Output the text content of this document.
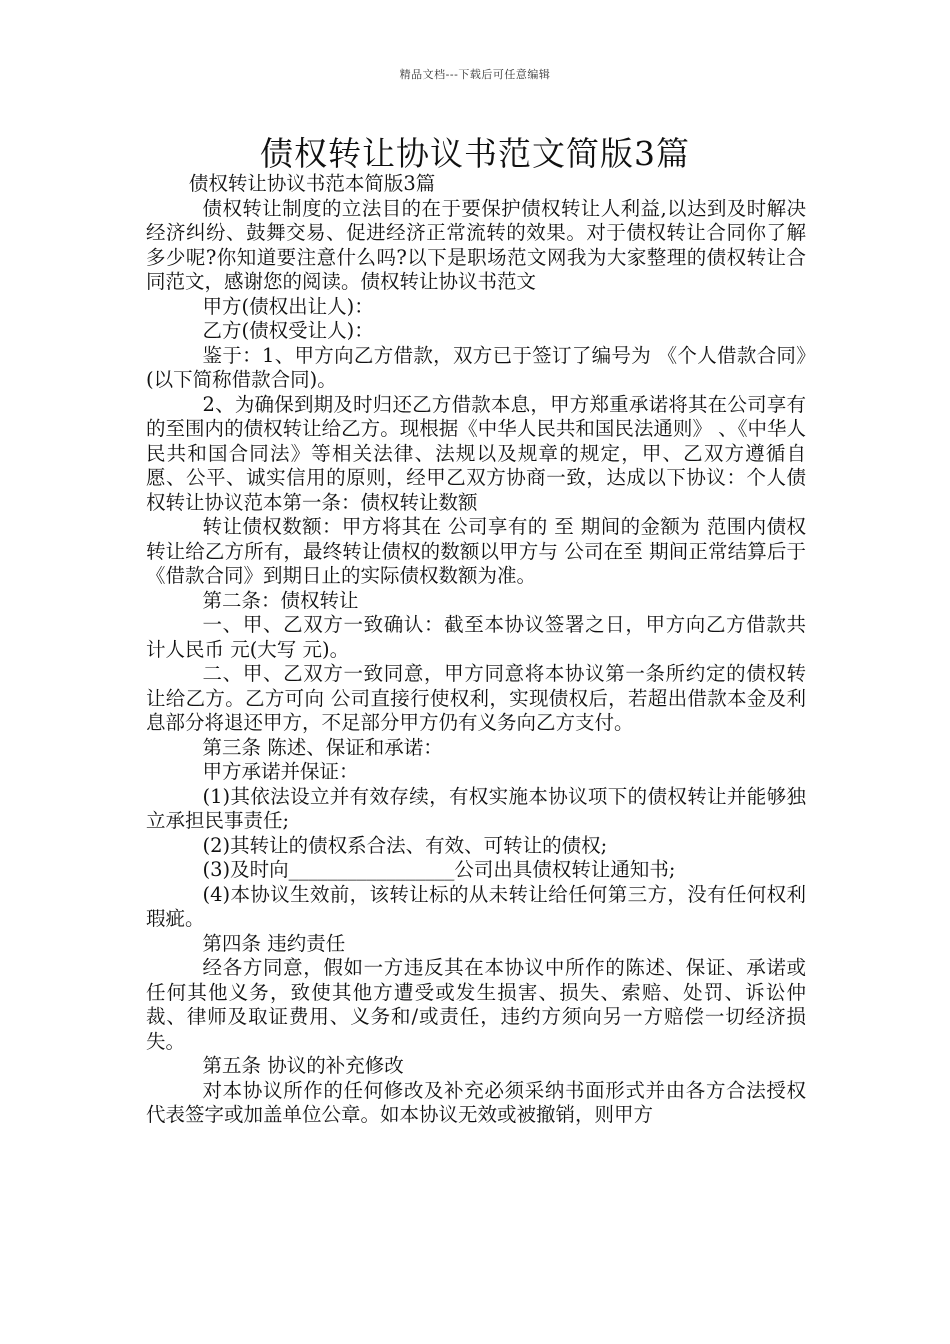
精品文档---下载后可任意编辑
债权转让协议书范文简版3篇

债权转让协议书范本简版3篇

债权转让制度的立法目的在于要保护债权转让人利益,以达到及时解决经济纠纷、鼓舞交易、促进经济正常流转的效果。对于债权转让合同你了解多少呢?你知道要注意什么吗?以下是职场范文网我为大家整理的债权转让合同范文，感谢您的阅读。债权转让协议书范文

甲方(债权出让人)：

乙方(债权受让人)：

鉴于：1、甲方向乙方借款，双方已于签订了编号为 《个人借款合同》(以下简称借款合同)。

2、为确保到期及时归还乙方借款本息，甲方郑重承诺将其在公司享有的至围内的债权转让给乙方。现根据《中华人民共和国民法通则》 、《中华人民共和国合同法》等相关法律、法规以及规章的规定，甲、乙双方遵循自愿、公平、诚实信用的原则，经甲乙双方协商一致，达成以下协议：个人债权转让协议范本第一条：债权转让数额

转让债权数额：甲方将其在 公司享有的 至 期间的金额为 范围内债权转让给乙方所有，最终转让债权的数额以甲方与 公司在至 期间正常结算后于《借款合同》到期日止的实际债权数额为准。

第二条：债权转让

一、甲、乙双方一致确认：截至本协议签署之日，甲方向乙方借款共计人民币 元(大写 元)。

二、甲、乙双方一致同意，甲方同意将本协议第一条所约定的债权转让给乙方。乙方可向 公司直接行使权利，实现债权后，若超出借款本金及利息部分将退还甲方，不足部分甲方仍有义务向乙方支付。

第三条 陈述、保证和承诺：

甲方承诺并保证：

(1)其依法设立并有效存续，有权实施本协议项下的债权转让并能够独立承担民事责任;

(2)其转让的债权系合法、有效、可转让的债权;

(3)及时向_________________公司出具债权转让通知书;

(4)本协议生效前，该转让标的从未转让给任何第三方，没有任何权利瑕疵。

第四条 违约责任

经各方同意，假如一方违反其在本协议中所作的陈述、保证、承诺或任何其他义务，致使其他方遭受或发生损害、损失、索赔、处罚、诉讼仲裁、律师及取证费用、义务和/或责任，违约方须向另一方赔偿一切经济损失。

第五条 协议的补充修改

对本协议所作的任何修改及补充必须采纳书面形式并由各方合法授权代表签字或加盖单位公章。如本协议无效或被撤销，则甲方
